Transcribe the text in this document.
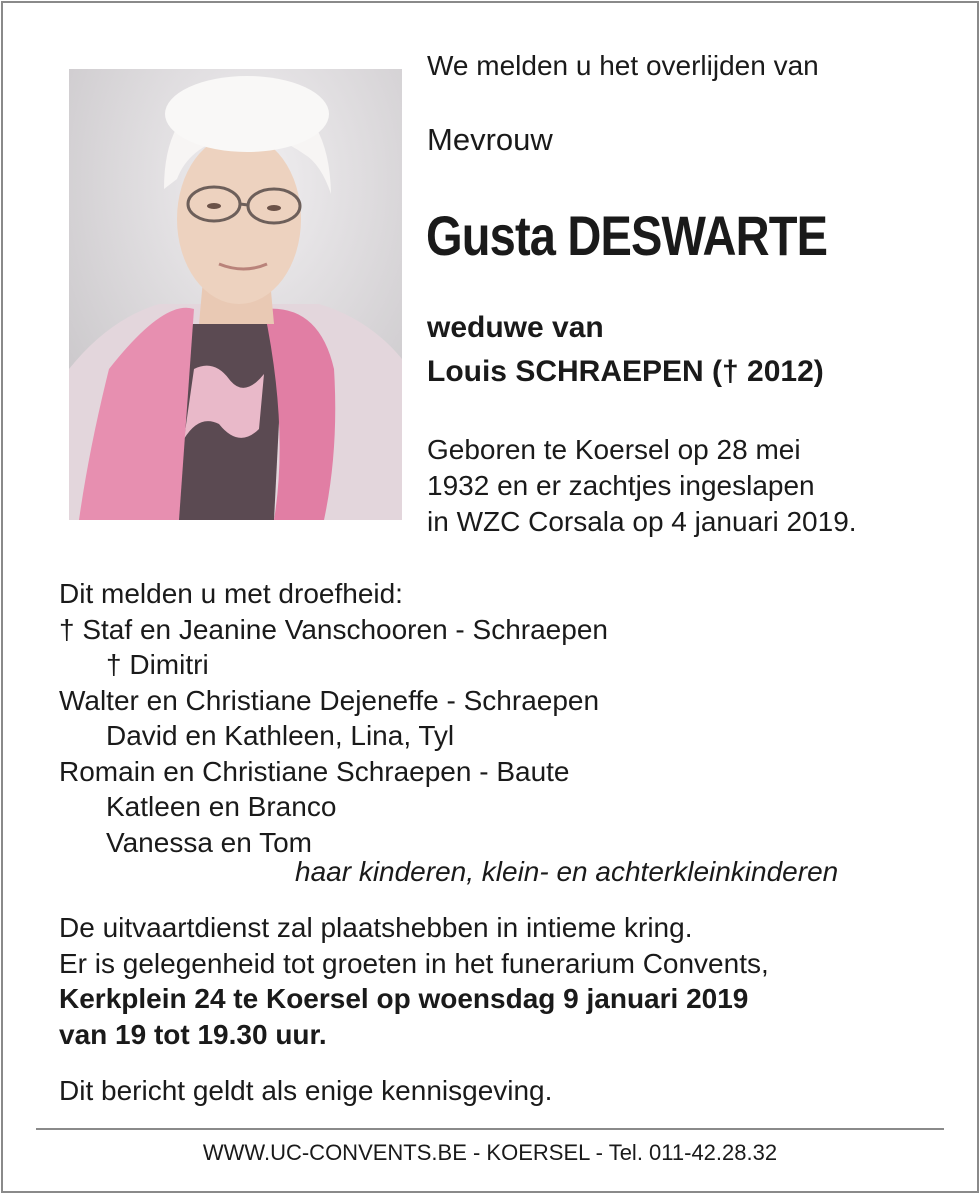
We melden u het overlijden van
Mevrouw
Gusta DESWARTE
weduwe van
Louis SCHRAEPEN († 2012)
Geboren te Koersel op 28 mei
1932 en er zachtjes ingeslapen
in WZC Corsala op 4 januari 2019.
Dit melden u met droefheid:
† Staf en Jeanine Vanschooren - Schraepen
† Dimitri
Walter en Christiane Dejeneffe - Schraepen
David en Kathleen, Lina, Tyl
Romain en Christiane Schraepen - Baute
Katleen en Branco
Vanessa en Tom
haar kinderen, klein- en achterkleinkinderen
De uitvaartdienst zal plaatshebben in intieme kring.
Er is gelegenheid tot groeten in het funerarium Convents,
Kerkplein 24 te Koersel op woensdag 9 januari 2019
van 19 tot 19.30 uur.
Dit bericht geldt als enige kennisgeving.
WWW.UC-CONVENTS.BE - KOERSEL - Tel. 011-42.28.32
